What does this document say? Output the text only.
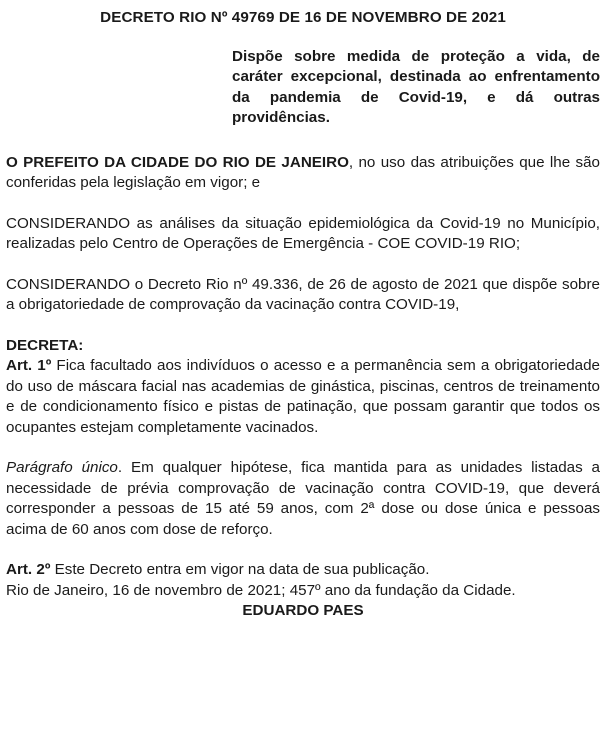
DECRETO RIO Nº 49769 DE 16 DE NOVEMBRO DE 2021

Dispõe sobre medida de proteção a vida, de caráter excepcional, destinada ao enfrentamento da pandemia de Covid-19, e dá outras providências.

O PREFEITO DA CIDADE DO RIO DE JANEIRO, no uso das atribuições que lhe são conferidas pela legislação em vigor; e

CONSIDERANDO as análises da situação epidemiológica da Covid-19 no Município, realizadas pelo Centro de Operações de Emergência - COE COVID-19 RIO;

CONSIDERANDO o Decreto Rio nº 49.336, de 26 de agosto de 2021 que dispõe sobre a obrigatoriedade de comprovação da vacinação contra COVID-19,

DECRETA:

Art. 1º Fica facultado aos indivíduos o acesso e a permanência sem a obrigatoriedade do uso de máscara facial nas academias de ginástica, piscinas, centros de treinamento e de condicionamento físico e pistas de patinação, que possam garantir que todos os ocupantes estejam completamente vacinados.

Parágrafo único. Em qualquer hipótese, fica mantida para as unidades listadas a necessidade de prévia comprovação de vacinação contra COVID-19, que deverá corresponder a pessoas de 15 até 59 anos, com 2ª dose ou dose única e pessoas acima de 60 anos com dose de reforço.

Art. 2º Este Decreto entra em vigor na data de sua publicação.

Rio de Janeiro, 16 de novembro de 2021; 457º ano da fundação da Cidade.

EDUARDO PAES
